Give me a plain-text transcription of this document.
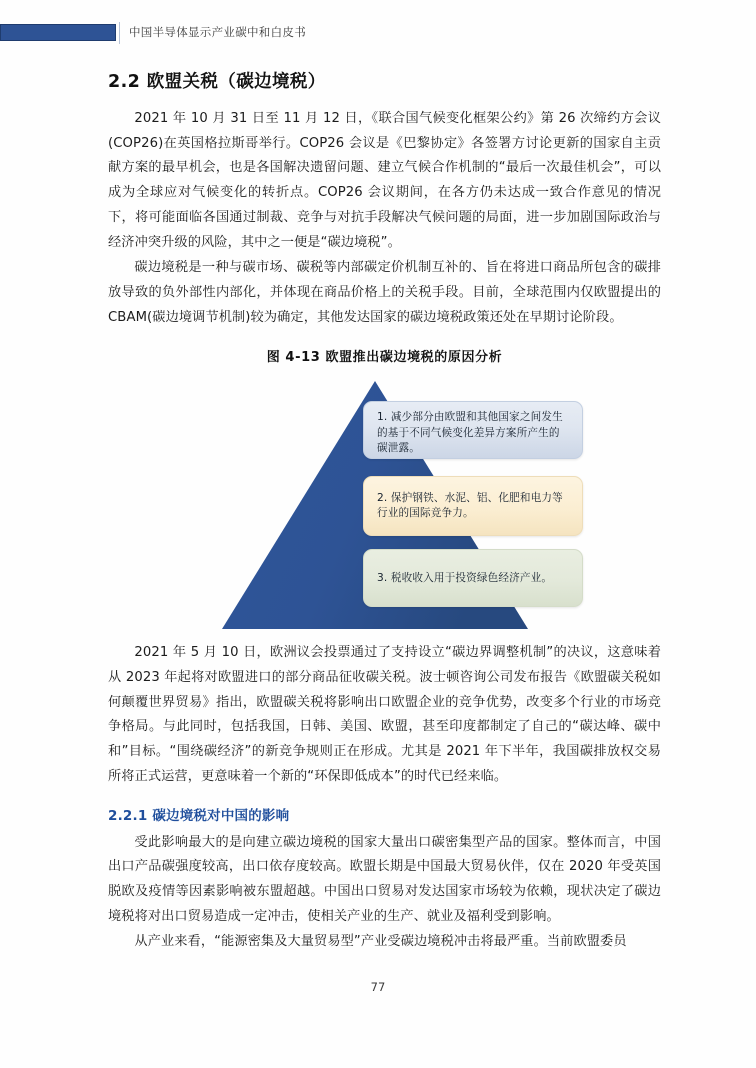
中国半导体显示产业碳中和白皮书
2.2 欧盟关税（碳边境税）

2021 年 10 月 31 日至 11 月 12 日，《联合国气候变化框架公约》第 26 次缔约方会议(COP26)在英国格拉斯哥举行。COP26 会议是《巴黎协定》各签署方讨论更新的国家自主贡献方案的最早机会，也是各国解决遗留问题、建立气候合作机制的“最后一次最佳机会”，可以成为全球应对气候变化的转折点。COP26 会议期间，在各方仍未达成一致合作意见的情况下，将可能面临各国通过制裁、竞争与对抗手段解决气候问题的局面，进一步加剧国际政治与经济冲突升级的风险，其中之一便是“碳边境税”。

碳边境税是一种与碳市场、碳税等内部碳定价机制互补的、旨在将进口商品所包含的碳排放导致的负外部性内部化，并体现在商品价格上的关税手段。目前，全球范围内仅欧盟提出的 CBAM(碳边境调节机制)较为确定，其他发达国家的碳边境税政策还处在早期讨论阶段。

图 4-13 欧盟推出碳边境税的原因分析
1. 减少部分由欧盟和其他国家之间发生的基于不同气候变化差异方案所产生的碳泄露。
2. 保护钢铁、水泥、铝、化肥和电力等行业的国际竞争力。
3. 税收收入用于投资绿色经济产业。

2021 年 5 月 10 日，欧洲议会投票通过了支持设立“碳边界调整机制”的决议，这意味着从 2023 年起将对欧盟进口的部分商品征收碳关税。波士顿咨询公司发布报告《欧盟碳关税如何颠覆世界贸易》指出，欧盟碳关税将影响出口欧盟企业的竞争优势，改变多个行业的市场竞争格局。与此同时，包括我国，日韩、美国、欧盟，甚至印度都制定了自己的“碳达峰、碳中和”目标。“围绕碳经济”的新竞争规则正在形成。尤其是 2021 年下半年，我国碳排放权交易所将正式运营，更意味着一个新的“环保即低成本”的时代已经来临。

2.2.1 碳边境税对中国的影响

受此影响最大的是向建立碳边境税的国家大量出口碳密集型产品的国家。整体而言，中国出口产品碳强度较高，出口依存度较高。欧盟长期是中国最大贸易伙伴，仅在 2020 年受英国脱欧及疫情等因素影响被东盟超越。中国出口贸易对发达国家市场较为依赖，现状决定了碳边境税将对出口贸易造成一定冲击，使相关产业的生产、就业及福利受到影响。

从产业来看，“能源密集及大量贸易型”产业受碳边境税冲击将最严重。当前欧盟委员

77
